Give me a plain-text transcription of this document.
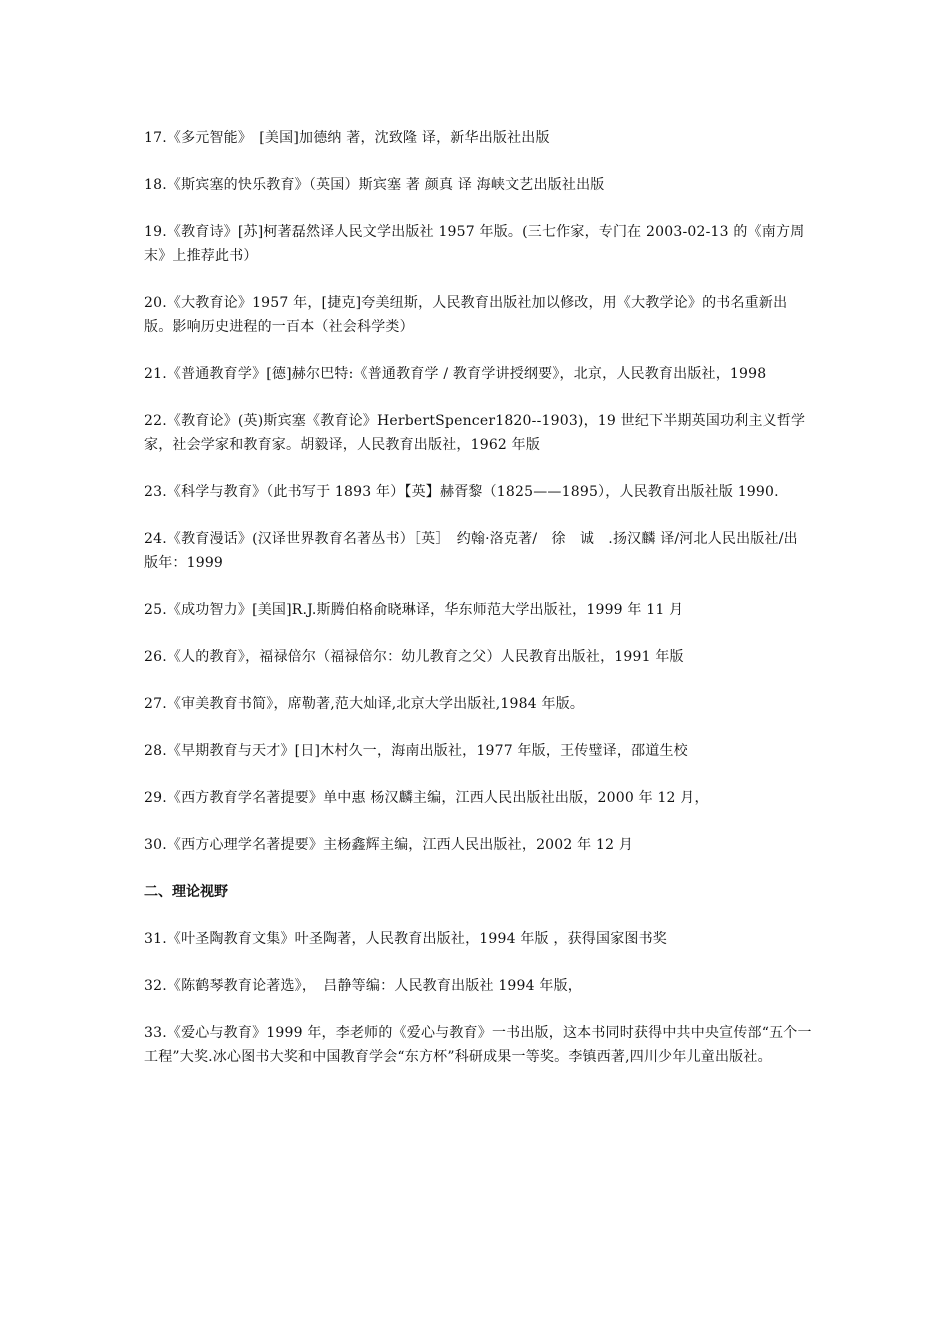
17.《多元智能》　[美国]加德纳 著，沈致隆 译，新华出版社出版

18.《斯宾塞的快乐教育》（英国）斯宾塞 著 颜真 译 海峡文艺出版社出版

19.《教育诗》[苏]柯著磊然译人民文学出版社 1957 年版。(三七作家，专门在 2003-02-13 的《南方周末》上推荐此书）

20.《大教育论》1957 年，[捷克]夸美纽斯，人民教育出版社加以修改，用《大教学论》的书名重新出版。影响历史进程的一百本（社会科学类）

21.《普通教育学》[德]赫尔巴特:《普通教育学 / 教育学讲授纲要》，北京，人民教育出版社，1998

22.《教育论》(英)斯宾塞《教育论》HerbertSpencer1820--1903)，19 世纪下半期英国功利主义哲学家，社会学家和教育家。胡毅译，人民教育出版社，1962 年版

23.《科学与教育》（此书写于 1893 年）【英】赫胥黎（1825——1895），人民教育出版社版 1990.

24.《教育漫话》(汉译世界教育名著丛书）［英］　约翰·洛克著/　徐　诚　.扬汉麟 译/河北人民出版社/出版年：1999

25.《成功智力》[美国]R.J.斯腾伯格俞晓琳译，华东师范大学出版社，1999 年 11 月

26.《人的教育》，福禄倍尔（福禄倍尔：幼儿教育之父）人民教育出版社，1991 年版

27.《审美教育书简》，席勒著,范大灿译,北京大学出版社,1984 年版。

28.《早期教育与天才》[日]木村久一，海南出版社，1977 年版，王传璧译，邵道生校

29.《西方教育学名著提要》单中惠 杨汉麟主编，江西人民出版社出版，2000 年 12 月，

30.《西方心理学名著提要》主杨鑫辉主编，江西人民出版社，2002 年 12 月

二、理论视野

31.《叶圣陶教育文集》叶圣陶著，人民教育出版社，1994 年版 ，获得国家图书奖

32.《陈鹤琴教育论著选》，　吕静等编：人民教育出版社 1994 年版，

33.《爱心与教育》1999 年，李老师的《爱心与教育》一书出版，这本书同时获得中共中央宣传部“五个一工程”大奖.冰心图书大奖和中国教育学会“东方杯”科研成果一等奖。李镇西著,四川少年儿童出版社。
